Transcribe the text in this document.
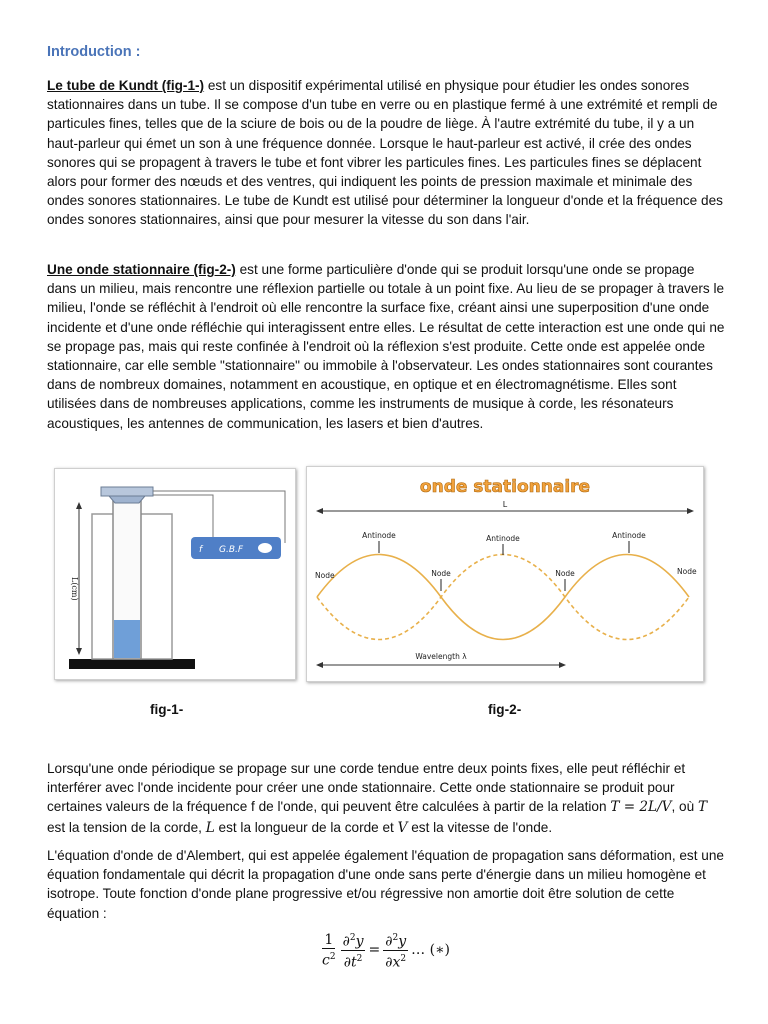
Introduction :

Le tube de Kundt (fig-1-) est un dispositif expérimental utilisé en physique pour étudier les ondes sonores stationnaires dans un tube. Il se compose d'un tube en verre ou en plastique fermé à une extrémité et rempli de particules fines, telles que de la sciure de bois ou de la poudre de liège. À l'autre extrémité du tube, il y a un haut-parleur qui émet un son à une fréquence donnée. Lorsque le haut-parleur est activé, il crée des ondes sonores qui se propagent à travers le tube et font vibrer les particules fines. Les particules fines se déplacent alors pour former des nœuds et des ventres, qui indiquent les points de pression maximale et minimale des ondes sonores stationnaires. Le tube de Kundt est utilisé pour déterminer la longueur d'onde et la fréquence des ondes sonores stationnaires, ainsi que pour mesurer la vitesse du son dans l'air.

Une onde stationnaire (fig-2-) est une forme particulière d'onde qui se produit lorsqu'une onde se propage dans un milieu, mais rencontre une réflexion partielle ou totale à un point fixe. Au lieu de se propager à travers le milieu, l'onde se réfléchit à l'endroit où elle rencontre la surface fixe, créant ainsi une superposition d'une onde incidente et d'une onde réfléchie qui interagissent entre elles. Le résultat de cette interaction est une onde qui ne se propage pas, mais qui reste confinée à l'endroit où la réflexion s'est produite. Cette onde est appelée onde stationnaire, car elle semble "stationnaire" ou immobile à l'observateur. Les ondes stationnaires sont courantes dans de nombreux domaines, notamment en acoustique, en optique et en électromagnétisme. Elles sont utilisées dans de nombreuses applications, comme les instruments de musique à corde, les résonateurs acoustiques, les antennes de communication, les lasers et bien d'autres.

f G.B.F
L(cm)
onde stationnaire
L
Antinode	Antinode	Antinode
Node	Node	Node	Node
Wavelength λ
fig-1-	fig-2-

Lorsqu'une onde périodique se propage sur une corde tendue entre deux points fixes, elle peut réfléchir et interférer avec l'onde incidente pour créer une onde stationnaire. Cette onde stationnaire se produit pour certaines valeurs de la fréquence f de l'onde, qui peuvent être calculées à partir de la relation T = 2L/V, où T est la tension de la corde, L est la longueur de la corde et V est la vitesse de l'onde.

L'équation d'onde de d'Alembert, qui est appelée également l'équation de propagation sans déformation, est une équation fondamentale qui décrit la propagation d'une onde sans perte d'énergie dans un milieu homogène et isotrope. Toute fonction d'onde plane progressive et/ou régressive non amortie doit être solution de cette équation :

$\frac{1}{c^2} \frac{\partial^2y}{\partial t^2} = \frac{\partial^2y}{\partial x^2}$ … (∗)
